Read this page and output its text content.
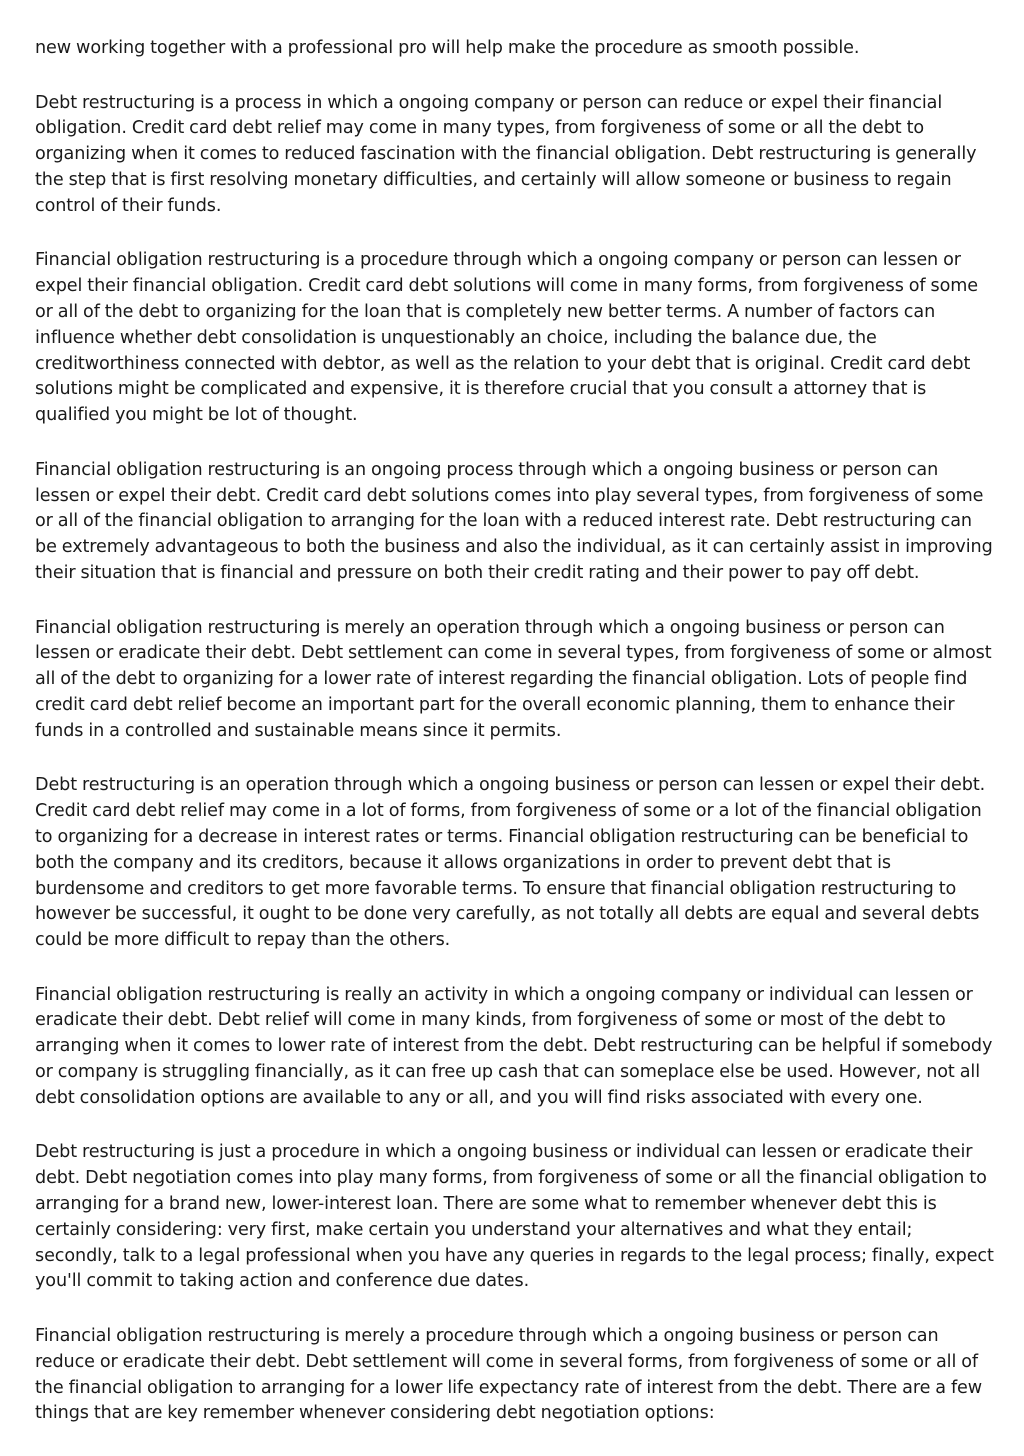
new working together with a professional pro will help make the procedure as smooth possible.

Debt restructuring is a process in which a ongoing company or person can reduce or expel their financial obligation. Credit card debt relief may come in many types, from forgiveness of some or all the debt to organizing when it comes to reduced fascination with the financial obligation. Debt restructuring is generally the step that is first resolving monetary difficulties, and certainly will allow someone or business to regain control of their funds.

Financial obligation restructuring is a procedure through which a ongoing company or person can lessen or expel their financial obligation. Credit card debt solutions will come in many forms, from forgiveness of some or all of the debt to organizing for the loan that is completely new better terms. A number of factors can influence whether debt consolidation is unquestionably an choice, including the balance due, the creditworthiness connected with debtor, as well as the relation to your debt that is original. Credit card debt solutions might be complicated and expensive, it is therefore crucial that you consult a attorney that is qualified you might be lot of thought.

Financial obligation restructuring is an ongoing process through which a ongoing business or person can lessen or expel their debt. Credit card debt solutions comes into play several types, from forgiveness of some or all of the financial obligation to arranging for the loan with a reduced interest rate. Debt restructuring can be extremely advantageous to both the business and also the individual, as it can certainly assist in improving their situation that is financial and pressure on both their credit rating and their power to pay off debt.

Financial obligation restructuring is merely an operation through which a ongoing business or person can lessen or eradicate their debt. Debt settlement can come in several types, from forgiveness of some or almost all of the debt to organizing for a lower rate of interest regarding the financial obligation. Lots of people find credit card debt relief become an important part for the overall economic planning, them to enhance their funds in a controlled and sustainable means since it permits.

Debt restructuring is an operation through which a ongoing business or person can lessen or expel their debt. Credit card debt relief may come in a lot of forms, from forgiveness of some or a lot of the financial obligation to organizing for a decrease in interest rates or terms. Financial obligation restructuring can be beneficial to both the company and its creditors, because it allows organizations in order to prevent debt that is burdensome and creditors to get more favorable terms. To ensure that financial obligation restructuring to however be successful, it ought to be done very carefully, as not totally all debts are equal and several debts could be more difficult to repay than the others.

Financial obligation restructuring is really an activity in which a ongoing company or individual can lessen or eradicate their debt. Debt relief will come in many kinds, from forgiveness of some or most of the debt to arranging when it comes to lower rate of interest from the debt. Debt restructuring can be helpful if somebody or company is struggling financially, as it can free up cash that can someplace else be used. However, not all debt consolidation options are available to any or all, and you will find risks associated with every one.

Debt restructuring is just a procedure in which a ongoing business or individual can lessen or eradicate their debt. Debt negotiation comes into play many forms, from forgiveness of some or all the financial obligation to arranging for a brand new, lower-interest loan. There are some what to remember whenever debt this is certainly considering: very first, make certain you understand your alternatives and what they entail; secondly, talk to a legal professional when you have any queries in regards to the legal process; finally, expect you'll commit to taking action and conference due dates.

Financial obligation restructuring is merely a procedure through which a ongoing business or person can reduce or eradicate their debt. Debt settlement will come in several forms, from forgiveness of some or all of the financial obligation to arranging for a lower life expectancy rate of interest from the debt. There are a few things that are key remember whenever considering debt negotiation options:
